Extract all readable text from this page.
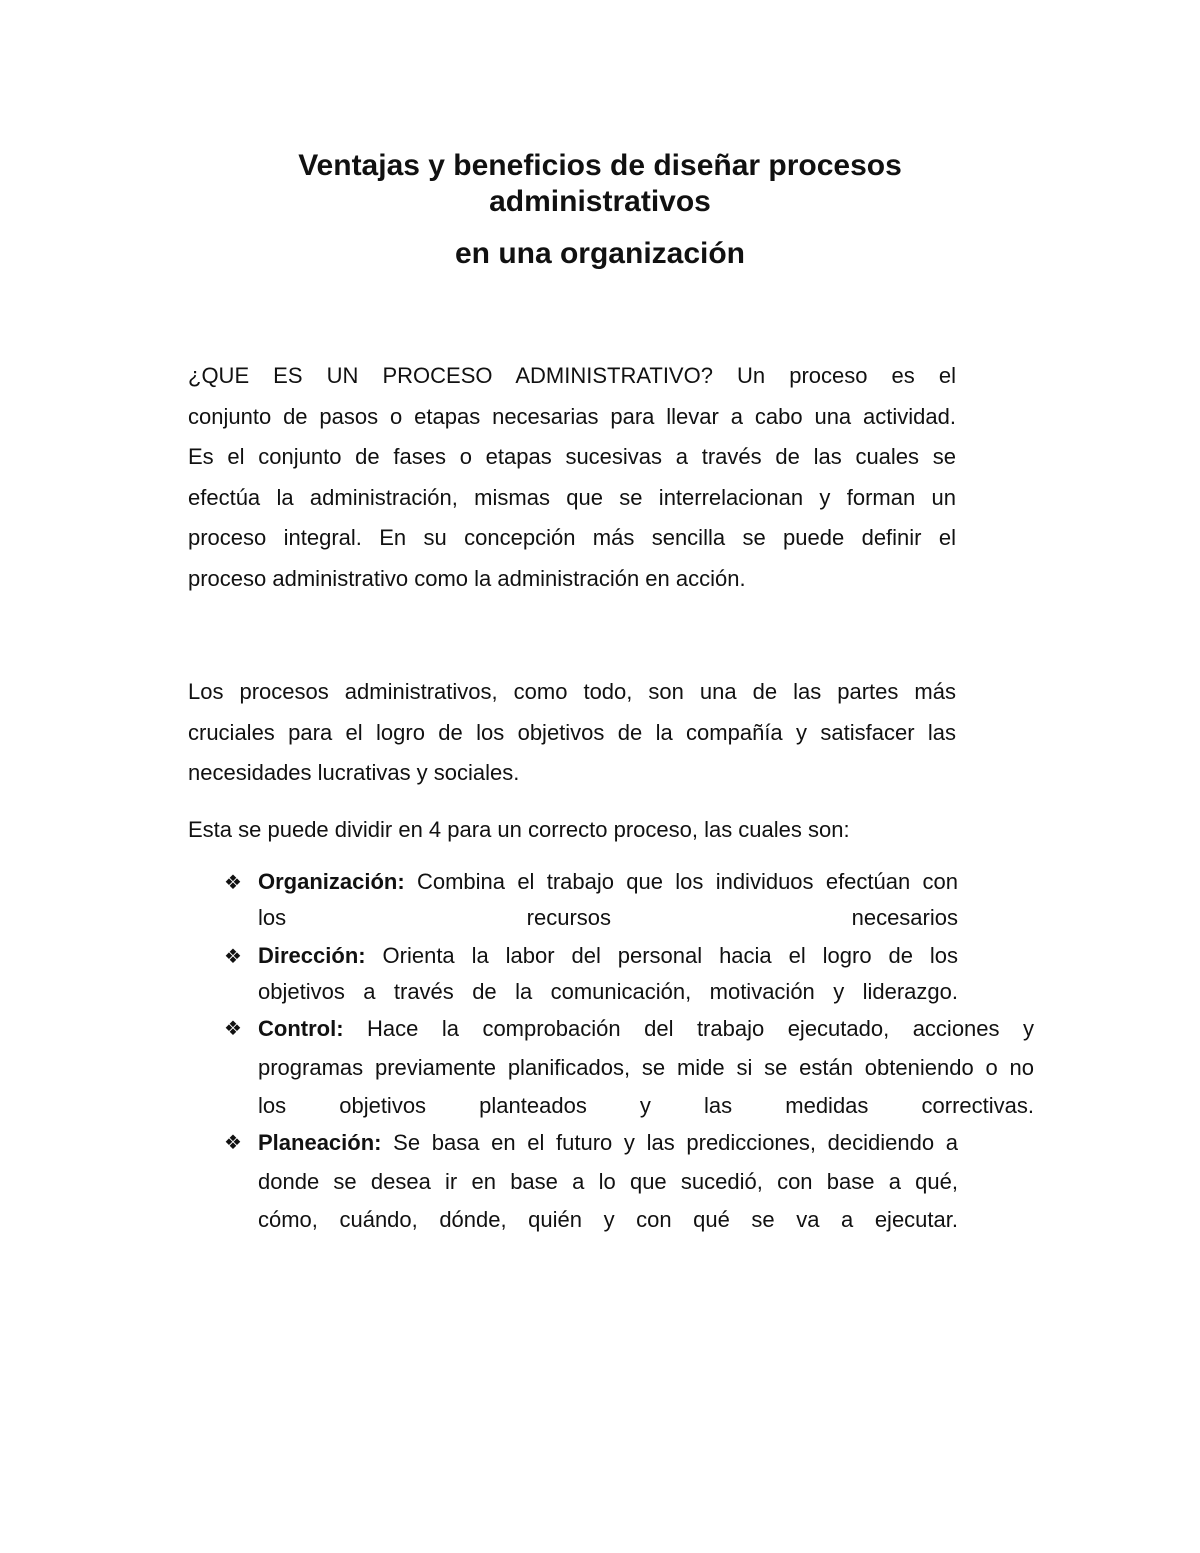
Ventajas y beneficios de diseñar procesos
administrativos
en una organización

¿QUE ES UN PROCESO ADMINISTRATIVO? Un proceso es el
conjunto de pasos o etapas necesarias para llevar a cabo una actividad.
Es el conjunto de fases o etapas sucesivas a través de las cuales se
efectúa la administración, mismas que se interrelacionan y forman un
proceso integral. En su concepción más sencilla se puede definir el
proceso administrativo como la administración en acción.

Los procesos administrativos, como todo, son una de las partes más
cruciales para el logro de los objetivos de la compañía y satisfacer las
necesidades lucrativas y sociales.

Esta se puede dividir en 4 para un correcto proceso, las cuales son:

❖ Organización: Combina el trabajo que los individuos efectúan con
los recursos necesarios
❖ Dirección: Orienta la labor del personal hacia el logro de los
objetivos a través de la comunicación, motivación y liderazgo.
❖ Control: Hace la comprobación del trabajo ejecutado, acciones y
programas previamente planificados, se mide si se están obteniendo o no
los objetivos planteados y las medidas correctivas.
❖ Planeación: Se basa en el futuro y las predicciones, decidiendo a
donde se desea ir en base a lo que sucedió, con base a qué,
cómo, cuándo, dónde, quién y con qué se va a ejecutar.
